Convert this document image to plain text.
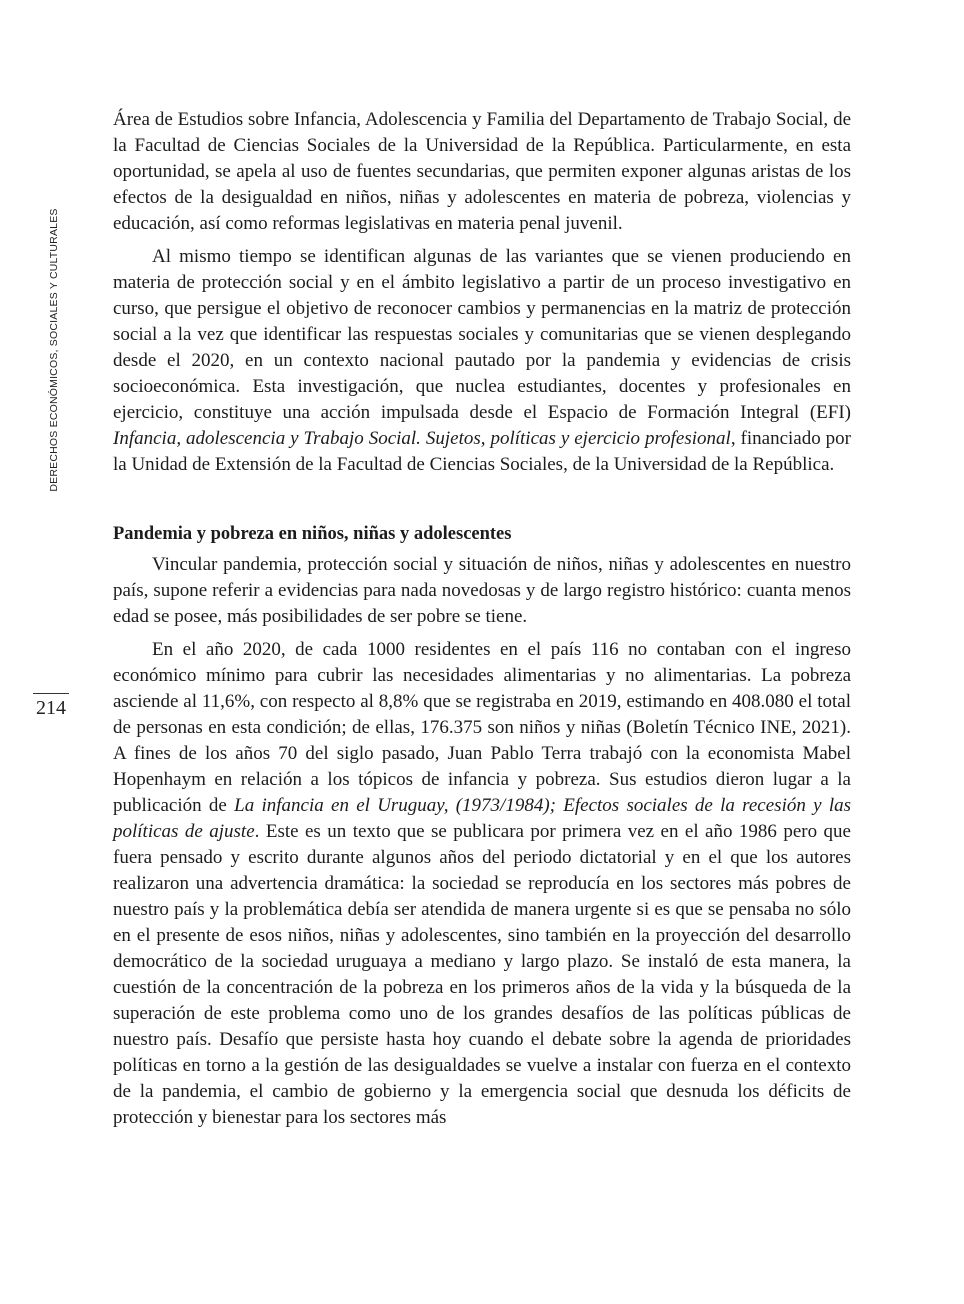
DERECHOS ECONÓMICOS, SOCIALES Y CULTURALES
214

Área de Estudios sobre Infancia, Adolescencia y Familia del Departamento de Trabajo Social, de la Facultad de Ciencias Sociales de la Universidad de la República. Particularmente, en esta oportunidad, se apela al uso de fuentes secundarias, que permiten exponer algunas aristas de los efectos de la desigualdad en niños, niñas y adolescentes en materia de pobreza, violencias y educación, así como reformas legislativas en materia penal juvenil.

Al mismo tiempo se identifican algunas de las variantes que se vienen produciendo en materia de protección social y en el ámbito legislativo a partir de un proceso investigativo en curso, que persigue el objetivo de reconocer cambios y permanencias en la matriz de protección social a la vez que identificar las respuestas sociales y comunitarias que se vienen desplegando desde el 2020, en un contexto nacional pautado por la pandemia y evidencias de crisis socioeconómica. Esta investigación, que nuclea estudiantes, docentes y profesionales en ejercicio, constituye una acción impulsada desde el Espacio de Formación Integral (EFI) Infancia, adolescencia y Trabajo Social. Sujetos, políticas y ejercicio profesional, financiado por la Unidad de Extensión de la Facultad de Ciencias Sociales, de la Universidad de la República.

Pandemia y pobreza en niños, niñas y adolescentes

Vincular pandemia, protección social y situación de niños, niñas y adolescentes en nuestro país, supone referir a evidencias para nada novedosas y de largo registro histórico: cuanta menos edad se posee, más posibilidades de ser pobre se tiene.

En el año 2020, de cada 1000 residentes en el país 116 no contaban con el ingreso económico mínimo para cubrir las necesidades alimentarias y no alimentarias. La pobreza asciende al 11,6%, con respecto al 8,8% que se registraba en 2019, estimando en 408.080 el total de personas en esta condición; de ellas, 176.375 son niños y niñas (Boletín Técnico INE, 2021). A fines de los años 70 del siglo pasado, Juan Pablo Terra trabajó con la economista Mabel Hopenhaym en relación a los tópicos de infancia y pobreza. Sus estudios dieron lugar a la publicación de La infancia en el Uruguay, (1973/1984); Efectos sociales de la recesión y las políticas de ajuste. Este es un texto que se publicara por primera vez en el año 1986 pero que fuera pensado y escrito durante algunos años del periodo dictatorial y en el que los autores realizaron una advertencia dramática: la sociedad se reproducía en los sectores más pobres de nuestro país y la problemática debía ser atendida de manera urgente si es que se pensaba no sólo en el presente de esos niños, niñas y adolescentes, sino también en la proyección del desarrollo democrático de la sociedad uruguaya a mediano y largo plazo. Se instaló de esta manera, la cuestión de la concentración de la pobreza en los primeros años de la vida y la búsqueda de la superación de este problema como uno de los grandes desafíos de las políticas públicas de nuestro país. Desafío que persiste hasta hoy cuando el debate sobre la agenda de prioridades políticas en torno a la gestión de las desigualdades se vuelve a instalar con fuerza en el contexto de la pandemia, el cambio de gobierno y la emergencia social que desnuda los déficits de protección y bienestar para los sectores más
